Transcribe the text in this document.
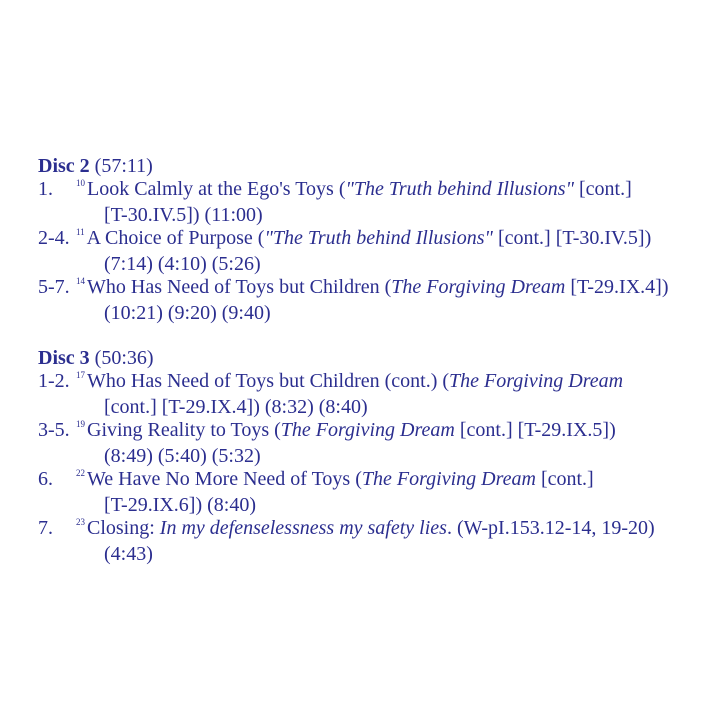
Disc 2 (57:11)
1.	$^{10}$ Look Calmly at the Ego's Toys ("The Truth behind Illusions" [cont.]
[T-30.IV.5]) (11:00)
2-4. $^{11}$ A Choice of Purpose ("The Truth behind Illusions" [cont.] [T-30.IV.5])
(7:14) (4:10) (5:26)
5-7. $^{14}$ Who Has Need of Toys but Children (The Forgiving Dream [T-29.IX.4])
(10:21) (9:20) (9:40)
Disc 3 (50:36)
1-2. $^{17}$ Who Has Need of Toys but Children (cont.) (The Forgiving Dream
[cont.] [T-29.IX.4]) (8:32) (8:40)
3-5. $^{19}$ Giving Reality to Toys (The Forgiving Dream [cont.] [T-29.IX.5])
(8:49) (5:40) (5:32)
6.	$^{22}$ We Have No More Need of Toys (The Forgiving Dream [cont.]
[T-29.IX.6]) (8:40)
7.	$^{23}$ Closing: In my defenselessness my safety lies. (W-pI.153.12-14, 19-20)
(4:43)
